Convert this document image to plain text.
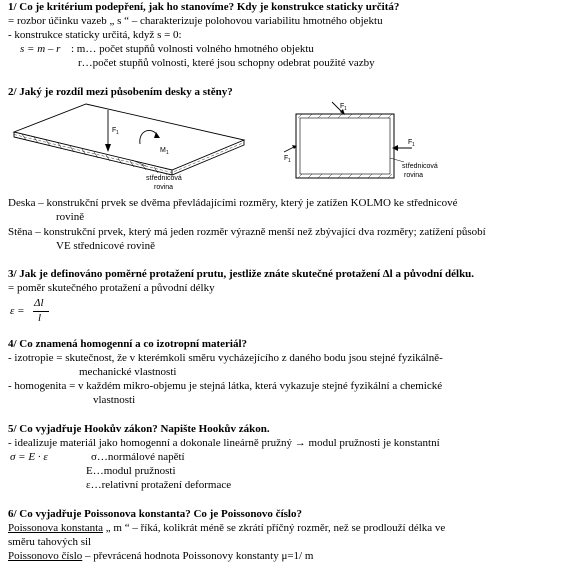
1/ Co je kritérium podepření, jak ho stanovíme? Kdy je konstrukce staticky určitá?
= rozbor účinku vazeb „ s “ – charakterizuje polohovou variabilitu hmotného objektu
- konstrukce staticky určitá, když s = 0:
s = m – r : m… počet stupňů volnosti volného hmotného objektu
r…počet stupňů volnosti, které jsou schopny odebrat použité vazby
2/ Jaký je rozdíl mezi působením desky a stěny?
F 1
M 1
střednicová
rovina
F 1
F 1
F 1
střednicová
rovina
Deska – konstrukční prvek se dvěma převládajícími rozměry, který je zatížen KOLMO ke střednicové
rovině
Stěna – konstrukční prvek, který má jeden rozměr výrazně menší než zbývající dva rozměry; zatížení působí
VE střednicové rovině
3/ Jak je definováno poměrné protažení prutu, jestliže znáte skutečné protažení Δl a původní délku.
= poměr skutečného protažení a původní délky
ε =
Δl
l
4/ Co znamená homogenní a co izotropní materiál?
- izotropie = skutečnost, že v kterémkoli směru vycházejícího z daného bodu jsou stejné fyzikálně-
mechanické vlastnosti
- homogenita = v každém mikro-objemu je stejná látka, která vykazuje stejné fyzikální a chemické
vlastnosti
5/ Co vyjadřuje Hookův zákon? Napište Hookův zákon.
- idealizuje materiál jako homogenní a dokonale lineárně pružný → modul pružnosti je konstantní
σ = E · ε	σ…normálové napětí
E…modul pružnosti
ε…relativní protažení deformace
6/ Co vyjadřuje Poissonova konstanta? Co je Poissonovo číslo?
Poissonova konstanta „ m “ – říká, kolikrát méně se zkrátí příčný rozměr, než se prodlouží délka ve
směru tahových sil
Poissonovo číslo – převrácená hodnota Poissonovy konstanty μ=1/ m
